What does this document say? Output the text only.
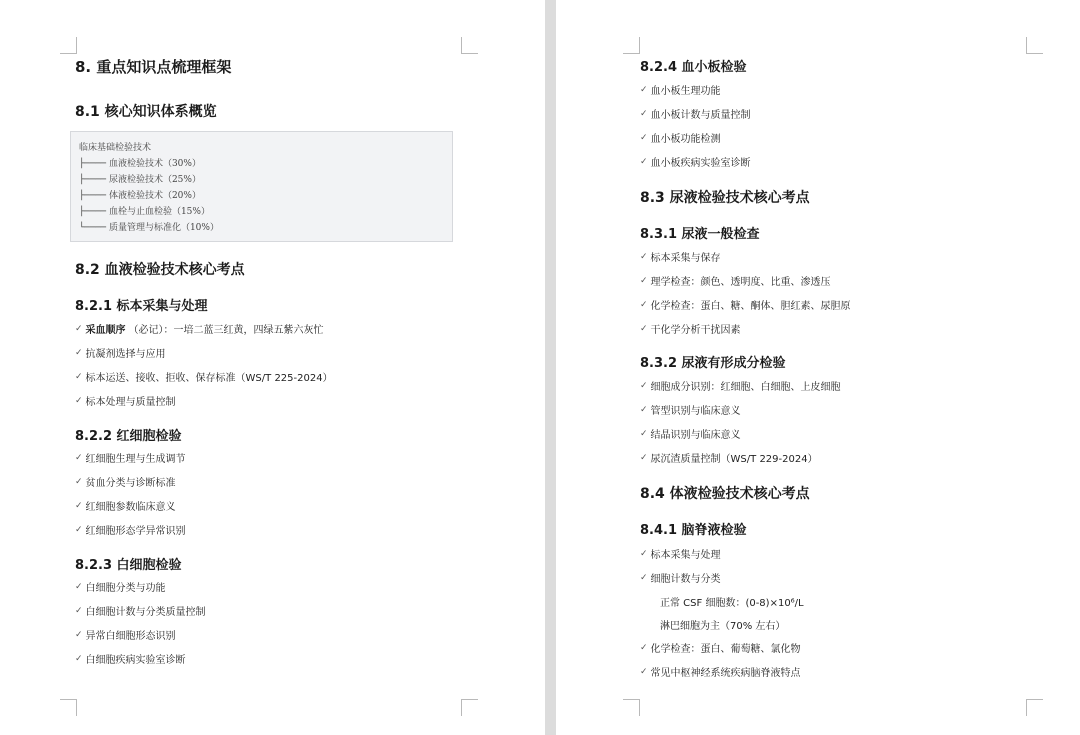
8. 重点知识点梳理框架
8.1 核心知识体系概览
临床基础检验技术
├──── 血液检验技术（30%）
├──── 尿液检验技术（25%）
├──── 体液检验技术（20%）
├──── 血栓与止血检验（15%）
└──── 质量管理与标准化（10%）
8.2 血液检验技术核心考点
8.2.1 标本采集与处理
✓ 采血顺序 （必记）：一培二蓝三红黄，四绿五紫六灰忙
✓ 抗凝剂选择与应用
✓ 标本运送、接收、拒收、保存标准（WS/T 225-2024）
✓ 标本处理与质量控制
8.2.2 红细胞检验
✓ 红细胞生理与生成调节
✓ 贫血分类与诊断标准
✓ 红细胞参数临床意义
✓ 红细胞形态学异常识别
8.2.3 白细胞检验
✓ 白细胞分类与功能
✓ 白细胞计数与分类质量控制
✓ 异常白细胞形态识别
✓ 白细胞疾病实验室诊断
8.2.4 血小板检验
✓ 血小板生理功能
✓ 血小板计数与质量控制
✓ 血小板功能检测
✓ 血小板疾病实验室诊断
8.3 尿液检验技术核心考点
8.3.1 尿液一般检查
✓ 标本采集与保存
✓ 理学检查：颜色、透明度、比重、渗透压
✓ 化学检查：蛋白、糖、酮体、胆红素、尿胆原
✓ 干化学分析干扰因素
8.3.2 尿液有形成分检验
✓ 细胞成分识别：红细胞、白细胞、上皮细胞
✓ 管型识别与临床意义
✓ 结晶识别与临床意义
✓ 尿沉渣质量控制（WS/T 229-2024）
8.4 体液检验技术核心考点
8.4.1 脑脊液检验
✓ 标本采集与处理
✓ 细胞计数与分类
正常 CSF 细胞数：(0-8)×10⁶/L
淋巴细胞为主（70% 左右）
✓ 化学检查：蛋白、葡萄糖、氯化物
✓ 常见中枢神经系统疾病脑脊液特点
